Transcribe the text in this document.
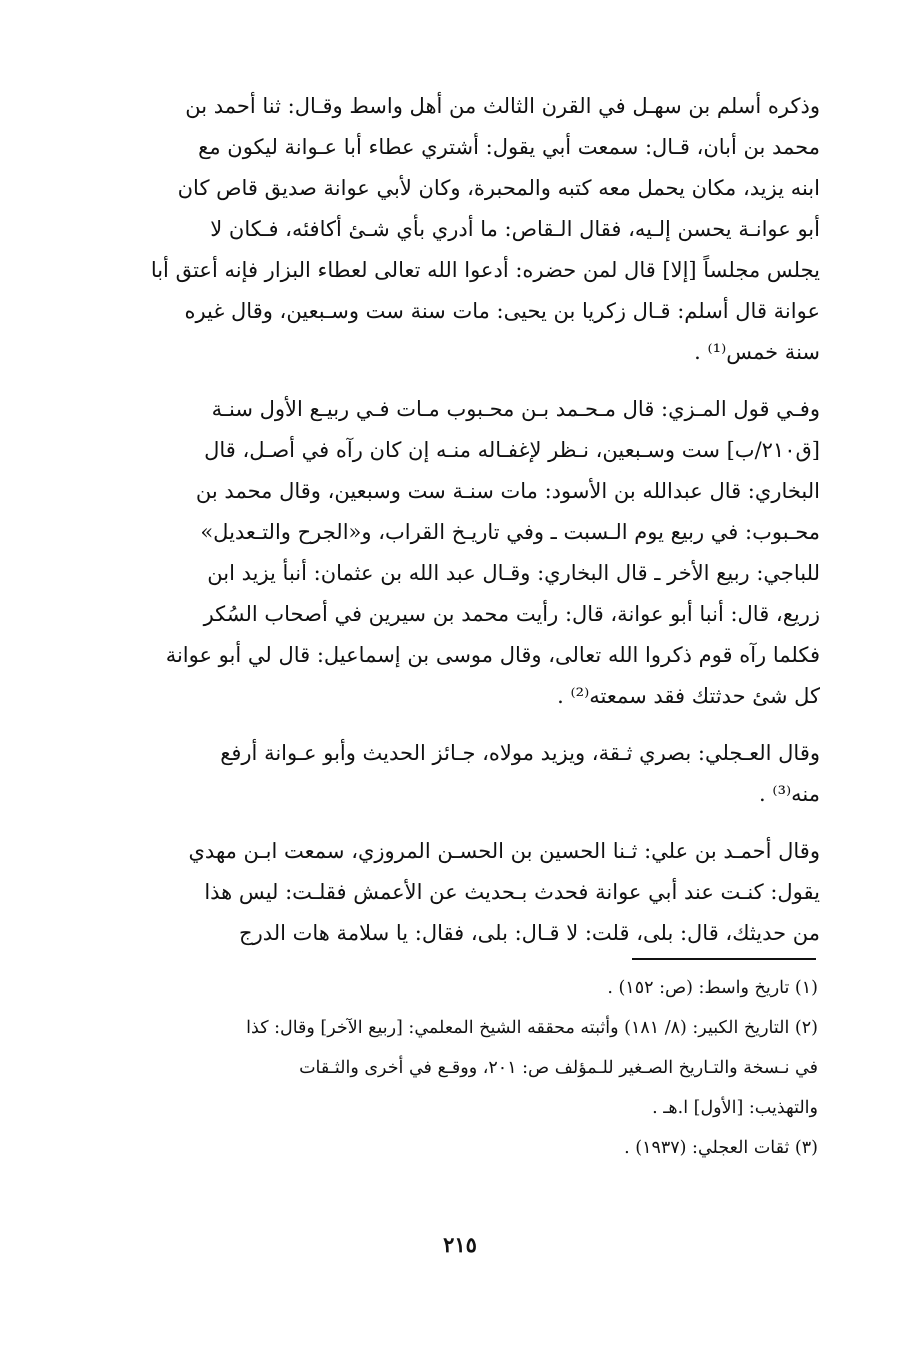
وذكره أسلم بن سهـل في القرن الثالث من أهل واسط وقـال: ثنا أحمد بن
محمد بن أبان، قـال: سمعت أبي يقول: أشتري عطاء أبا عـوانة ليكون مع
ابنه يزيد، مكان يحمل معه كتبه والمحبرة، وكان لأبي عوانة صديق قاص كان
أبو عوانـة يحسن إلـيه، فقال الـقاص: ما أدري بأي شـئ أكافئه، فـكان لا
يجلس مجلساً [إلا] قال لمن حضره: أدعوا الله تعالى لعطاء البزار فإنه أعتق أبا
عوانة قال أسلم: قـال زكريا بن يحيى: مات سنة ست وسـبعين، وقال غيره
سنة خمس⁽¹⁾ .

وفـي قول المـزي: قال مـحـمد بـن محـبوب مـات فـي ربيـع الأول سنـة
[ق٢١٠/ب] ست وسـبعين، نـظر لإغفـاله منـه إن كان رآه في أصـل، قال
البخاري: قال عبدالله بن الأسود: مات سنـة ست وسبعين، وقال محمد بن
محـبوب: في ربيع يوم الـسبت ـ وفي تاريـخ القراب، و«الجرح والتـعديل»
للباجي: ربيع الأخر ـ قال البخاري: وقـال عبد الله بن عثمان: أنبأ يزيد ابن
زريع، قال: أنبا أبو عوانة، قال: رأيت محمد بن سيرين في أصحاب السُكر
فكلما رآه قوم ذكروا الله تعالى، وقال موسى بن إسماعيل: قال لي أبو عوانة
كل شئ حدثتك فقد سمعته⁽²⁾ .

وقال العـجلي: بصري ثـقة، ويزيد مولاه، جـائز الحديث وأبو عـوانة أرفع
منه⁽³⁾ .

وقال أحمـد بن علي: ثـنا الحسين بن الحسـن المروزي، سمعت ابـن مهدي
يقول: كنـت عند أبي عوانة فحدث بـحديث عن الأعمش فقلـت: ليس هذا
من حديثك، قال: بلى، قلت: لا قـال: بلى، فقال: يا سلامة هات الدرج

(١) تاريخ واسط: (ص: ١٥٢) .

(٢) التاريخ الكبير: (٨/ ١٨١) وأثبته محققه الشيخ المعلمي: [ربيع الآخر] وقال: كذا
في نـسخة والتـاريخ الصـغير للـمؤلف ص: ٢٠١، ووقـع في أخرى والثـقات
والتهذيب: [الأول] ا.هـ .

(٣) ثقات العجلي: (١٩٣٧) .

٢١٥
